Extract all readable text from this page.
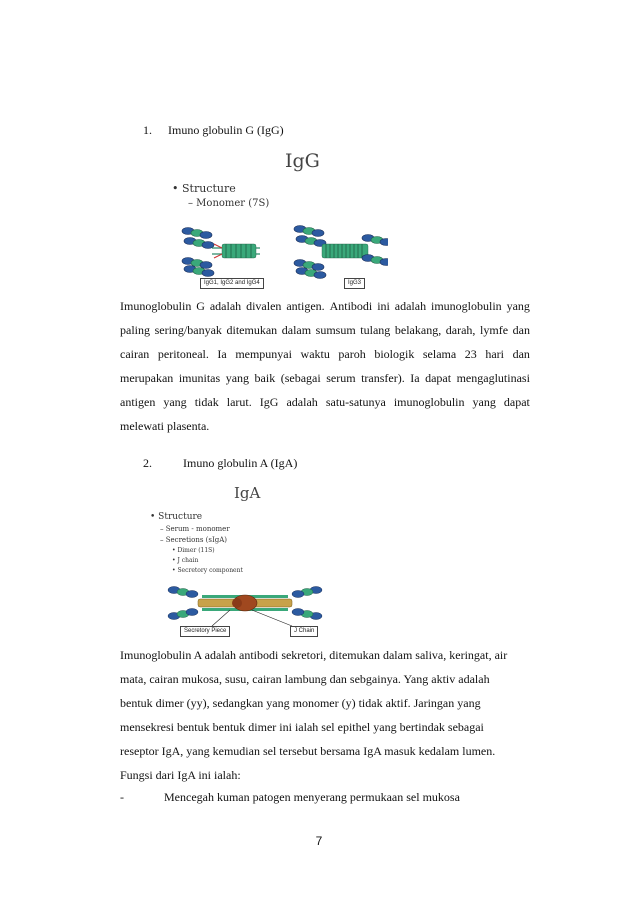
1. Imuno globulin G (IgG)
IgG
• Structure
– Monomer (7S)
IgG1, IgG2 and IgG4	IgG3
Imunoglobulin G adalah divalen antigen. Antibodi ini adalah imunoglobulin yang
paling sering/banyak ditemukan dalam sumsum tulang belakang, darah, lymfe dan
cairan peritoneal. Ia mempunyai waktu paroh biologik selama 23 hari dan
merupakan imunitas yang baik (sebagai serum transfer). Ia dapat mengaglutinasi
antigen yang tidak larut. IgG adalah satu-satunya imunoglobulin yang dapat
melewati plasenta.
2.	Imuno globulin A (IgA)
IgA
• Structure
– Serum - monomer
– Secretions (sIgA)
• Dimer (11S)
• J chain
• Secretory component
Secretory Piece	J Chain
Imunoglobulin A adalah antibodi sekretori, ditemukan dalam saliva, keringat, air
mata, cairan mukosa, susu, cairan lambung dan sebgainya. Yang aktiv adalah
bentuk dimer (yy), sedangkan yang monomer (y) tidak aktif. Jaringan yang
mensekresi bentuk bentuk dimer ini ialah sel epithel yang bertindak sebagai
reseptor IgA, yang kemudian sel tersebut bersama IgA masuk kedalam lumen.
Fungsi dari IgA ini ialah:
-	Mencegah kuman patogen menyerang permukaan sel mukosa
7
